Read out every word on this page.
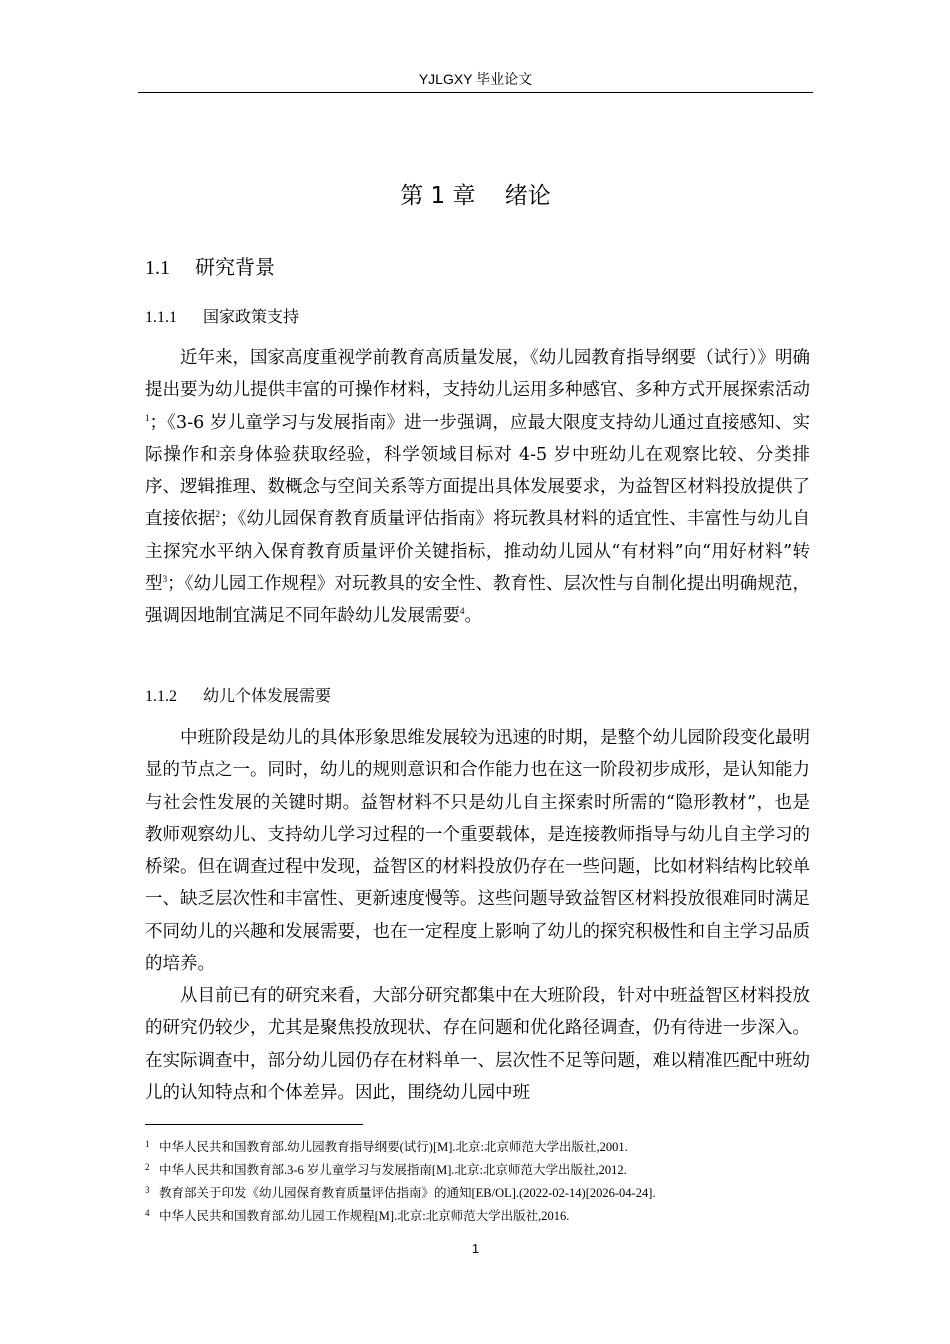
YJLGXY 毕业论文
第 1 章    绪论
1.1 研究背景
1.1.1 国家政策支持

近年来，国家高度重视学前教育高质量发展，《幼儿园教育指导纲要（试行）》明确提出要为幼儿提供丰富的可操作材料，支持幼儿运用多种感官、多种方式开展探索活动$^1$；《3-6 岁儿童学习与发展指南》进一步强调，应最大限度支持幼儿通过直接感知、实际操作和亲身体验获取经验，科学领域目标对 4-5 岁中班幼儿在观察比较、分类排序、逻辑推理、数概念与空间关系等方面提出具体发展要求，为益智区材料投放提供了直接依据$^2$；《幼儿园保育教育质量评估指南》将玩教具材料的适宜性、丰富性与幼儿自主探究水平纳入保育教育质量评价关键指标，推动幼儿园从“有材料”向“用好材料”转型$^3$；《幼儿园工作规程》对玩教具的安全性、教育性、层次性与自制化提出明确规范，强调因地制宜满足不同年龄幼儿发展需要$^4$。

1.1.2 幼儿个体发展需要

中班阶段是幼儿的具体形象思维发展较为迅速的时期，是整个幼儿园阶段变化最明显的节点之一。同时，幼儿的规则意识和合作能力也在这一阶段初步成形，是认知能力与社会性发展的关键时期。益智材料不只是幼儿自主探索时所需的“隐形教材”，也是教师观察幼儿、支持幼儿学习过程的一个重要载体，是连接教师指导与幼儿自主学习的桥梁。但在调查过程中发现，益智区的材料投放仍存在一些问题，比如材料结构比较单一、缺乏层次性和丰富性、更新速度慢等。这些问题导致益智区材料投放很难同时满足不同幼儿的兴趣和发展需要，也在一定程度上影响了幼儿的探究积极性和自主学习品质的培养。

从目前已有的研究来看，大部分研究都集中在大班阶段，针对中班益智区材料投放的研究仍较少，尤其是聚焦投放现状、存在问题和优化路径调查，仍有待进一步深入。在实际调查中，部分幼儿园仍存在材料单一、层次性不足等问题，难以精准匹配中班幼儿的认知特点和个体差异。因此，围绕幼儿园中班

1 中华人民共和国教育部.幼儿园教育指导纲要(试行)[M].北京:北京师范大学出版社,2001.
2 中华人民共和国教育部.3-6 岁儿童学习与发展指南[M].北京:北京师范大学出版社,2012.
3 教育部关于印发《幼儿园保育教育质量评估指南》的通知[EB/OL].(2022-02-14)[2026-04-24].
4 中华人民共和国教育部.幼儿园工作规程[M].北京:北京师范大学出版社,2016.
1
